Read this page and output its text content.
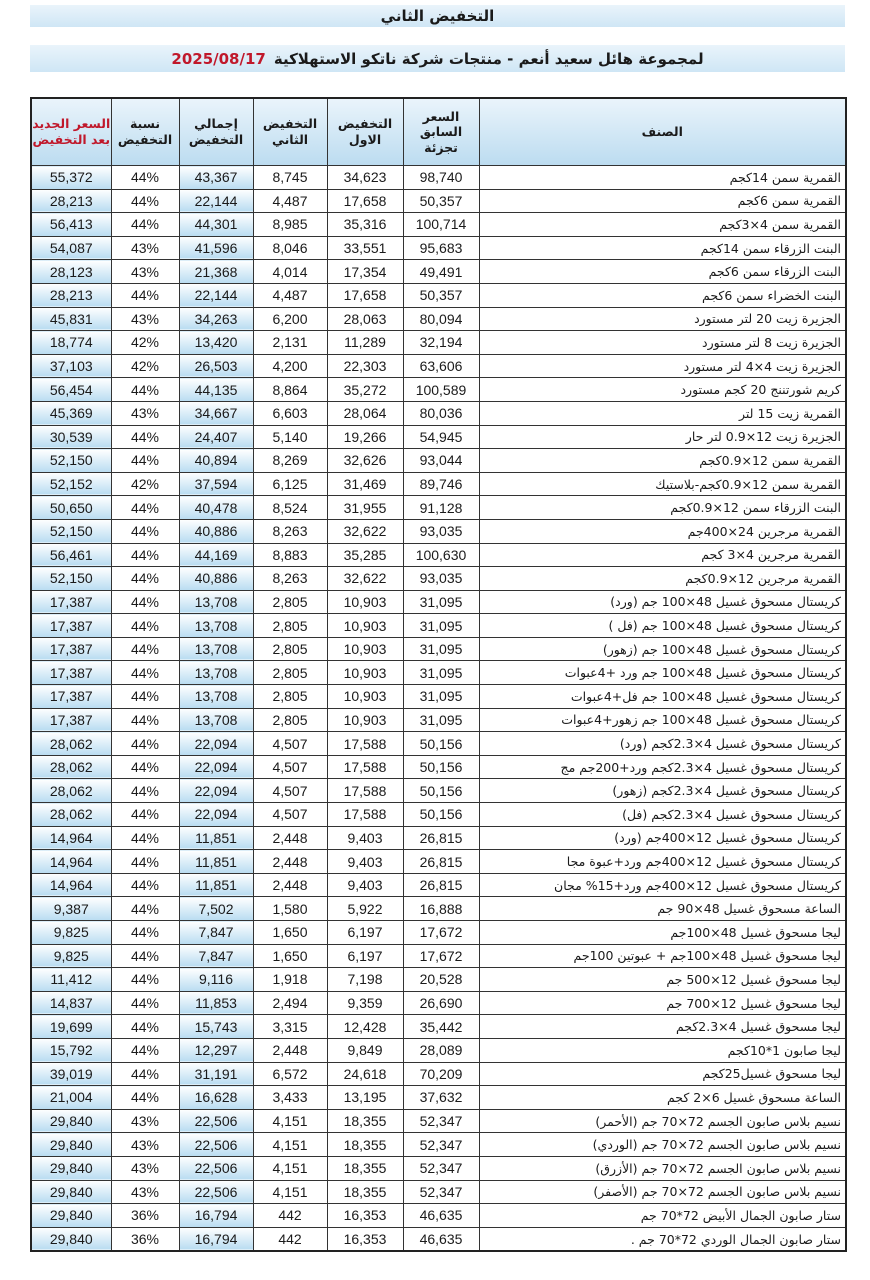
التخفيض الثاني
لمجموعة هائل سعيد أنعم - منتجات شركة ناتكو الاستهلاكية
2025/08/17
الصنف	السعر السابق تجزئة	التخفيض الاول	التخفيض الثاني	إجمالي التخفيض	نسبة التخفيض	السعر الجديد بعد التخفيض
القمرية سمن 14كجم	98,740	34,623	8,745	43,367	44%	55,372
القمرية سمن 6كجم	50,357	17,658	4,487	22,144	44%	28,213
القمرية سمن 4×3كجم	100,714	35,316	8,985	44,301	44%	56,413
البنت الزرقاء سمن 14كجم	95,683	33,551	8,046	41,596	43%	54,087
البنت الزرقاء سمن 6كجم	49,491	17,354	4,014	21,368	43%	28,123
البنت الخضراء سمن 6كجم	50,357	17,658	4,487	22,144	44%	28,213
الجزيرة زيت 20 لتر مستورد	80,094	28,063	6,200	34,263	43%	45,831
الجزيرة زيت 8 لتر مستورد	32,194	11,289	2,131	13,420	42%	18,774
الجزيرة زيت 4×4 لتر مستورد	63,606	22,303	4,200	26,503	42%	37,103
كريم شورتننج 20 كجم مستورد	100,589	35,272	8,864	44,135	44%	56,454
القمرية زيت 15 لتر	80,036	28,064	6,603	34,667	43%	45,369
الجزيرة زيت 12×0.9 لتر حار	54,945	19,266	5,140	24,407	44%	30,539
القمرية سمن 12×0.9كجم	93,044	32,626	8,269	40,894	44%	52,150
القمرية سمن 12×0.9كجم-بلاستيك	89,746	31,469	6,125	37,594	42%	52,152
البنت الزرقاء سمن 12×0.9كجم	91,128	31,955	8,524	40,478	44%	50,650
القمرية مرجرين 24×400جم	93,035	32,622	8,263	40,886	44%	52,150
القمرية مرجرين 4×3 كجم	100,630	35,285	8,883	44,169	44%	56,461
القمرية مرجرين 12×0.9كجم	93,035	32,622	8,263	40,886	44%	52,150
كريستال مسحوق غسيل 48×100 جم (ورد)	31,095	10,903	2,805	13,708	44%	17,387
كريستال مسحوق غسيل 48×100 جم (فل )	31,095	10,903	2,805	13,708	44%	17,387
كريستال مسحوق غسيل 48×100 جم (زهور)	31,095	10,903	2,805	13,708	44%	17,387
كريستال مسحوق غسيل 48×100 جم ورد +4عبوات	31,095	10,903	2,805	13,708	44%	17,387
كريستال مسحوق غسيل 48×100 جم فل+4عبوات	31,095	10,903	2,805	13,708	44%	17,387
كريستال مسحوق غسيل 48×100 جم زهور+4عبوات	31,095	10,903	2,805	13,708	44%	17,387
كريستال مسحوق غسيل 4×2.3كجم (ورد)	50,156	17,588	4,507	22,094	44%	28,062
كريستال مسحوق غسيل 4×2.3كجم ورد+200جم مج	50,156	17,588	4,507	22,094	44%	28,062
كريستال مسحوق غسيل 4×2.3كجم (زهور)	50,156	17,588	4,507	22,094	44%	28,062
كريستال مسحوق غسيل 4×2.3كجم (فل)	50,156	17,588	4,507	22,094	44%	28,062
كريستال مسحوق غسيل 12×400جم (ورد)	26,815	9,403	2,448	11,851	44%	14,964
كريستال مسحوق غسيل 12×400جم ورد+عبوة مجا	26,815	9,403	2,448	11,851	44%	14,964
كريستال مسحوق غسيل 12×400جم ورد+15% مجان	26,815	9,403	2,448	11,851	44%	14,964
الساعة مسحوق غسيل 48×90 جم	16,888	5,922	1,580	7,502	44%	9,387
ليجا مسحوق غسيل 48×100جم	17,672	6,197	1,650	7,847	44%	9,825
ليجا مسحوق غسيل 48×100جم + عبوتين 100جم	17,672	6,197	1,650	7,847	44%	9,825
ليجا مسحوق غسيل 12×500 جم	20,528	7,198	1,918	9,116	44%	11,412
ليجا مسحوق غسيل 12×700 جم	26,690	9,359	2,494	11,853	44%	14,837
ليجا مسحوق غسيل 4×2.3كجم	35,442	12,428	3,315	15,743	44%	19,699
ليجا صابون 1*10كجم	28,089	9,849	2,448	12,297	44%	15,792
ليجا مسحوق غسيل25كجم	70,209	24,618	6,572	31,191	44%	39,019
الساعة مسحوق غسيل 6×2 كجم	37,632	13,195	3,433	16,628	44%	21,004
نسيم بلاس صابون الجسم 72×70 جم (الأحمر)	52,347	18,355	4,151	22,506	43%	29,840
نسيم بلاس صابون الجسم 72×70 جم (الوردي)	52,347	18,355	4,151	22,506	43%	29,840
نسيم بلاس صابون الجسم 72×70 جم (الأزرق)	52,347	18,355	4,151	22,506	43%	29,840
نسيم بلاس صابون الجسم 72×70 جم (الأصفر)	52,347	18,355	4,151	22,506	43%	29,840
ستار صابون الجمال الأبيض 72*70 جم	46,635	16,353	442	16,794	36%	29,840
ستار صابون الجمال الوردي 72*70 جم .	46,635	16,353	442	16,794	36%	29,840
